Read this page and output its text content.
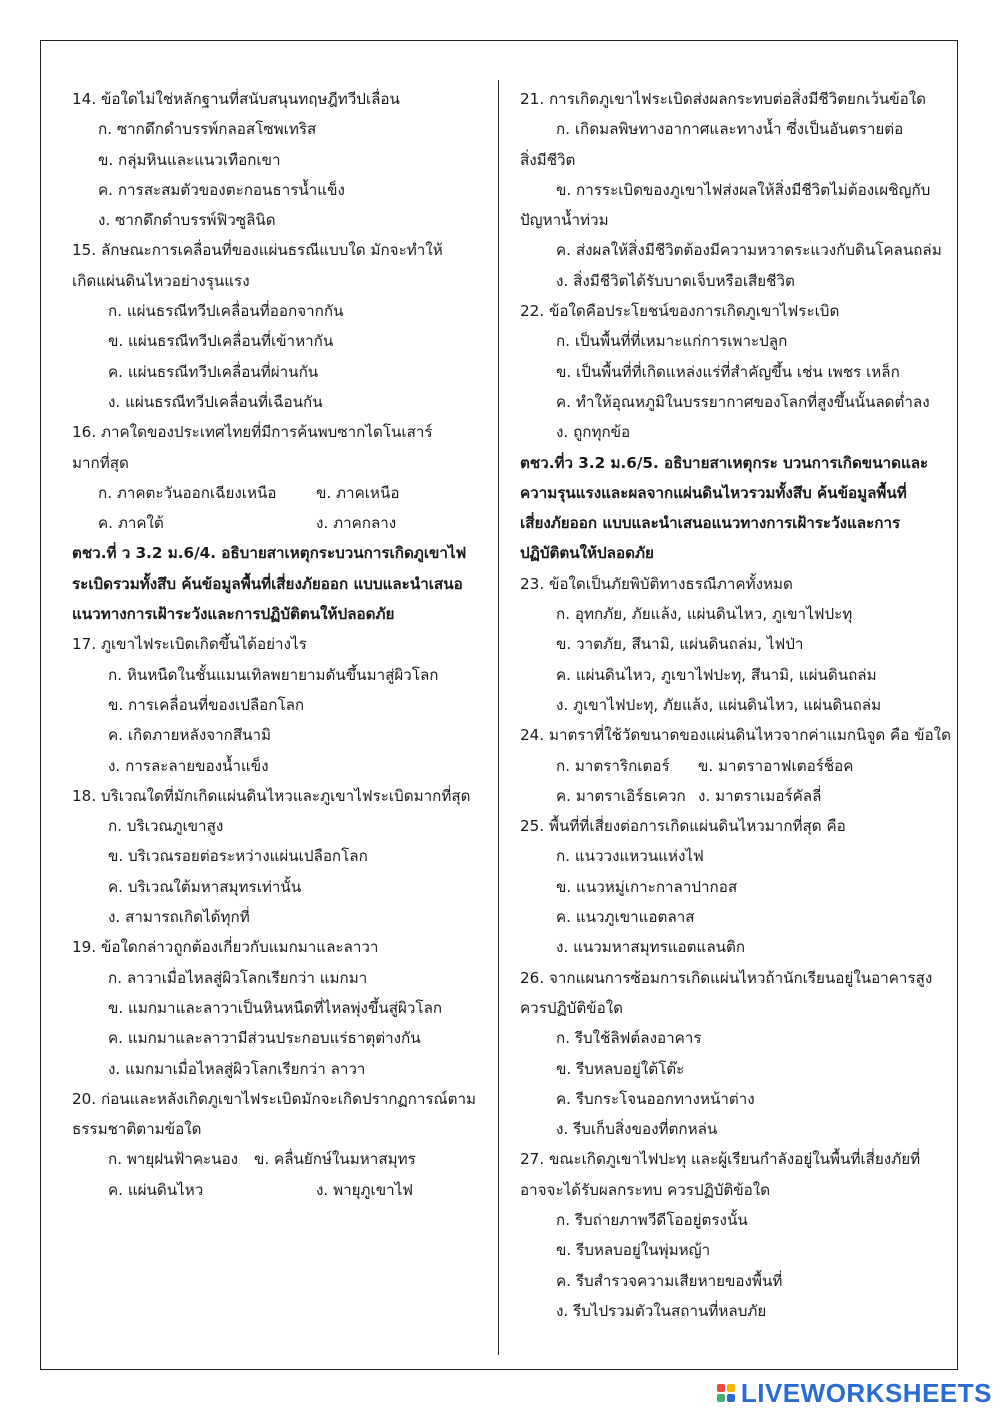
14. ข้อใดไม่ใช่หลักฐานที่สนับสนุนทฤษฎีทวีปเลื่อน
ก. ซากดึกดำบรรพ์กลอสโซพเทริส
ข. กลุ่มหินและแนวเทือกเขา
ค. การสะสมตัวของตะกอนธารน้ำแข็ง
ง. ซากดึกดำบรรพ์ฟิวซูลินิด
15. ลักษณะการเคลื่อนที่ของแผ่นธรณีแบบใด มักจะทำให้
เกิดแผ่นดินไหวอย่างรุนแรง
ก. แผ่นธรณีทวีปเคลื่อนที่ออกจากกัน
ข. แผ่นธรณีทวีปเคลื่อนที่เข้าหากัน
ค. แผ่นธรณีทวีปเคลื่อนที่ผ่านกัน
ง. แผ่นธรณีทวีปเคลื่อนที่เฉือนกัน
16. ภาคใดของประเทศไทยที่มีการค้นพบซากไดโนเสาร์
มากที่สุด
ก. ภาคตะวันออกเฉียงเหนือ	ข. ภาคเหนือ
ค. ภาคใต้	ง. ภาคกลาง
ตชว.ที่ ว 3.2 ม.6/4. อธิบายสาเหตุกระบวนการเกิดภูเขาไฟ
ระเบิดรวมทั้งสึบ ค้นข้อมูลพื้นที่เสี่ยงภัยออก แบบและนำเสนอ
แนวทางการเฝ้าระวังและการปฏิบัติตนให้ปลอดภัย
17. ภูเขาไฟระเบิดเกิดขึ้นได้อย่างไร
ก. หินหนืดในชั้นแมนเทิลพยายามดันขึ้นมาสู่ผิวโลก
ข. การเคลื่อนที่ของเปลือกโลก
ค. เกิดภายหลังจากสึนามิ
ง. การละลายของน้ำแข็ง
18. บริเวณใดที่มักเกิดแผ่นดินไหวและภูเขาไฟระเบิดมากที่สุด
ก. บริเวณภูเขาสูง
ข. บริเวณรอยต่อระหว่างแผ่นเปลือกโลก
ค. บริเวณใต้มหาสมุทรเท่านั้น
ง. สามารถเกิดได้ทุกที่
19. ข้อใดกล่าวถูกต้องเกี่ยวกับแมกมาและลาวา
ก. ลาวาเมื่อไหลสู่ผิวโลกเรียกว่า แมกมา
ข. แมกมาและลาวาเป็นหินหนืดที่ไหลพุ่งขึ้นสู่ผิวโลก
ค. แมกมาและลาวามีส่วนประกอบแร่ธาตุต่างกัน
ง. แมกมาเมื่อไหลสู่ผิวโลกเรียกว่า ลาวา
20. ก่อนและหลังเกิดภูเขาไฟระเบิดมักจะเกิดปรากฏการณ์ตาม
ธรรมชาติตามข้อใด
ก. พายุฝนฟ้าคะนอง	ข. คลื่นยักษ์ในมหาสมุทร
ค. แผ่นดินไหว	ง. พายุภูเขาไฟ
21. การเกิดภูเขาไฟระเบิดส่งผลกระทบต่อสิ่งมีชีวิตยกเว้นข้อใด
ก. เกิดมลพิษทางอากาศและทางน้ำ ซึ่งเป็นอันตรายต่อ
สิ่งมีชีวิต
ข. การระเบิดของภูเขาไฟส่งผลให้สิ่งมีชีวิตไม่ต้องเผชิญกับ
ปัญหาน้ำท่วม
ค. ส่งผลให้สิ่งมีชีวิตต้องมีความหวาดระแวงกับดินโคลนถล่ม
ง. สิ่งมีชีวิตได้รับบาดเจ็บหรือเสียชีวิต
22. ข้อใดคือประโยชน์ของการเกิดภูเขาไฟระเบิด
ก. เป็นพื้นที่ที่เหมาะแก่การเพาะปลูก
ข. เป็นพื้นที่ที่เกิดแหล่งแร่ที่สำคัญขึ้น เช่น เพชร เหล็ก
ค. ทำให้อุณหภูมิในบรรยากาศของโลกที่สูงขึ้นนั้นลดต่ำลง
ง. ถูกทุกข้อ
ตชว.ที่ว 3.2 ม.6/5. อธิบายสาเหตุกระ บวนการเกิดขนาดและ
ความรุนแรงและผลจากแผ่นดินไหวรวมทั้งสึบ ค้นข้อมูลพื้นที่
เสี่ยงภัยออก แบบและนำเสนอแนวทางการเฝ้าระวังและการ
ปฏิบัติตนให้ปลอดภัย
23. ข้อใดเป็นภัยพิบัติทางธรณีภาคทั้งหมด
ก. อุทกภัย, ภัยแล้ง, แผ่นดินไหว, ภูเขาไฟปะทุ
ข. วาตภัย, สึนามิ, แผ่นดินถล่ม, ไฟป่า
ค. แผ่นดินไหว, ภูเขาไฟปะทุ, สึนามิ, แผ่นดินถล่ม
ง. ภูเขาไฟปะทุ, ภัยแล้ง, แผ่นดินไหว, แผ่นดินถล่ม
24. มาตราที่ใช้วัดขนาดของแผ่นดินไหวจากค่าแมกนิจูด คือ ข้อใด
ก. มาตราริกเตอร์	ข. มาตราอาฟเตอร์ช็อค
ค. มาตราเอิร์ธเควก ง. มาตราเมอร์คัลลี่
25. พื้นที่ที่เสี่ยงต่อการเกิดแผ่นดินไหวมากที่สุด คือ
ก. แนววงแหวนแห่งไฟ
ข. แนวหมู่เกาะกาลาปากอส
ค. แนวภูเขาแอตลาส
ง. แนวมหาสมุทรแอตแลนติก
26. จากแผนการซ้อมการเกิดแผ่นไหวถ้านักเรียนอยู่ในอาคารสูง
ควรปฏิบัติข้อใด
ก. รีบใช้ลิฟต์ลงอาคาร
ข. รีบหลบอยู่ใต้โต๊ะ
ค. รีบกระโจนออกทางหน้าต่าง
ง. รีบเก็บสิ่งของที่ตกหล่น
27. ขณะเกิดภูเขาไฟปะทุ และผู้เรียนกำลังอยู่ในพื้นที่เสี่ยงภัยที่
อาจจะได้รับผลกระทบ ควรปฏิบัติข้อใด
ก. รีบถ่ายภาพวีดีโออยู่ตรงนั้น
ข. รีบหลบอยู่ในพุ่มหญ้า
ค. รีบสำรวจความเสียหายของพื้นที่
ง. รีบไปรวมตัวในสถานที่หลบภัย
LIVEWORKSHEETS
